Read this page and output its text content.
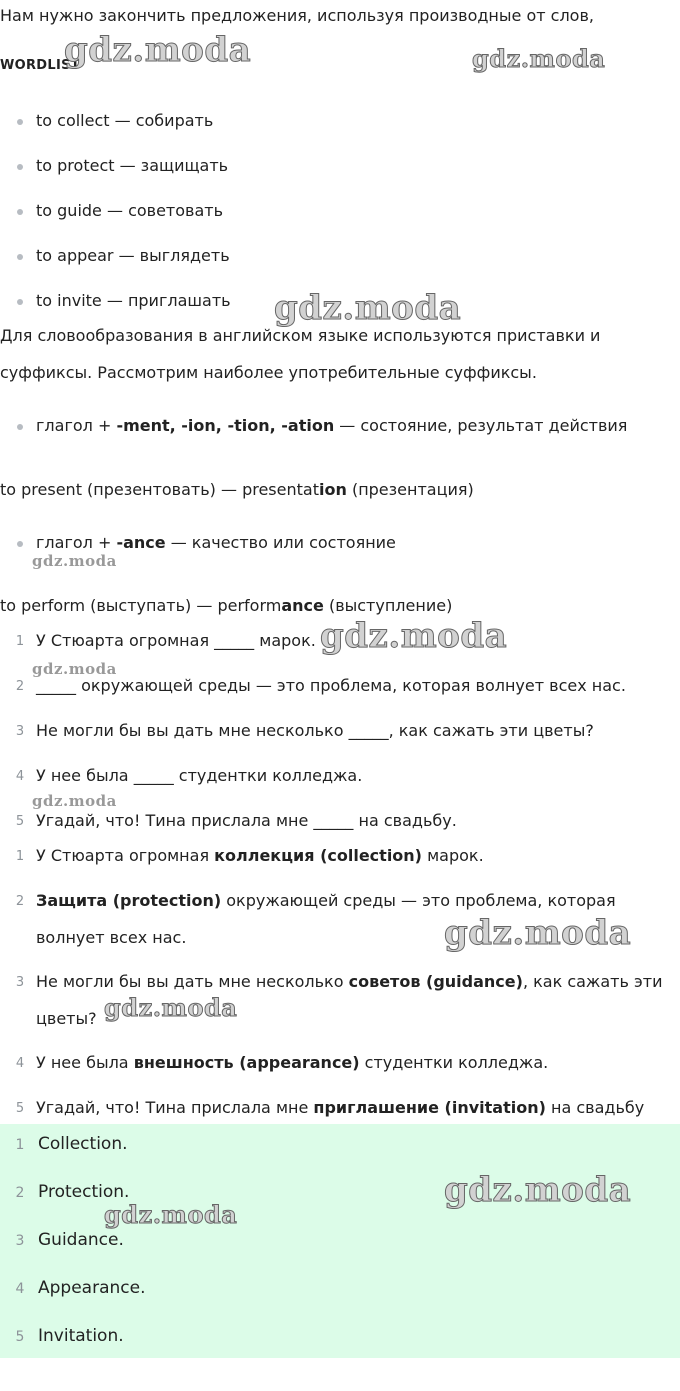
Нам нужно закончить предложения, используя производные от слов,
WORDLIST
to collect — собирать
to protect — защищать
to guide — советовать
to appear — выглядеть
to invite — приглашать
Для словообразования в английском языке используются приставки и
суффиксы. Рассмотрим наиболее употребительные суффиксы.
глагол + -ment, -ion, -tion, -ation — состояние, результат действия
to present (презентовать) — presentation (презентация)
глагол + -ance — качество или состояние
to perform (выступать) — performance (выступление)
1 У Стюарта огромная _____ марок.
2 _____ окружающей среды — это проблема, которая волнует всех нас.
3 Не могли бы вы дать мне несколько _____, как сажать эти цветы?
4 У нее была _____ студентки колледжа.
5 Угадай, что! Тина прислала мне _____ на свадьбу.
1 У Стюарта огромная коллекция (collection) марок.
2 Защита (protection) окружающей среды — это проблема, которая
волнует всех нас.
3 Не могли бы вы дать мне несколько советов (guidance), как сажать эти
цветы?
4 У нее была внешность (appearance) студентки колледжа.
5 Угадай, что! Тина прислала мне приглашение (invitation) на свадьбу
1 Collection.
2 Protection.
3 Guidance.
4 Appearance.
5 Invitation.
gdz.moda	gdz.moda
gdz.moda
gdz.moda
gdz.moda
gdz.moda
gdz.moda
gdz.moda
gdz.moda
gdz.moda
gdz.moda
